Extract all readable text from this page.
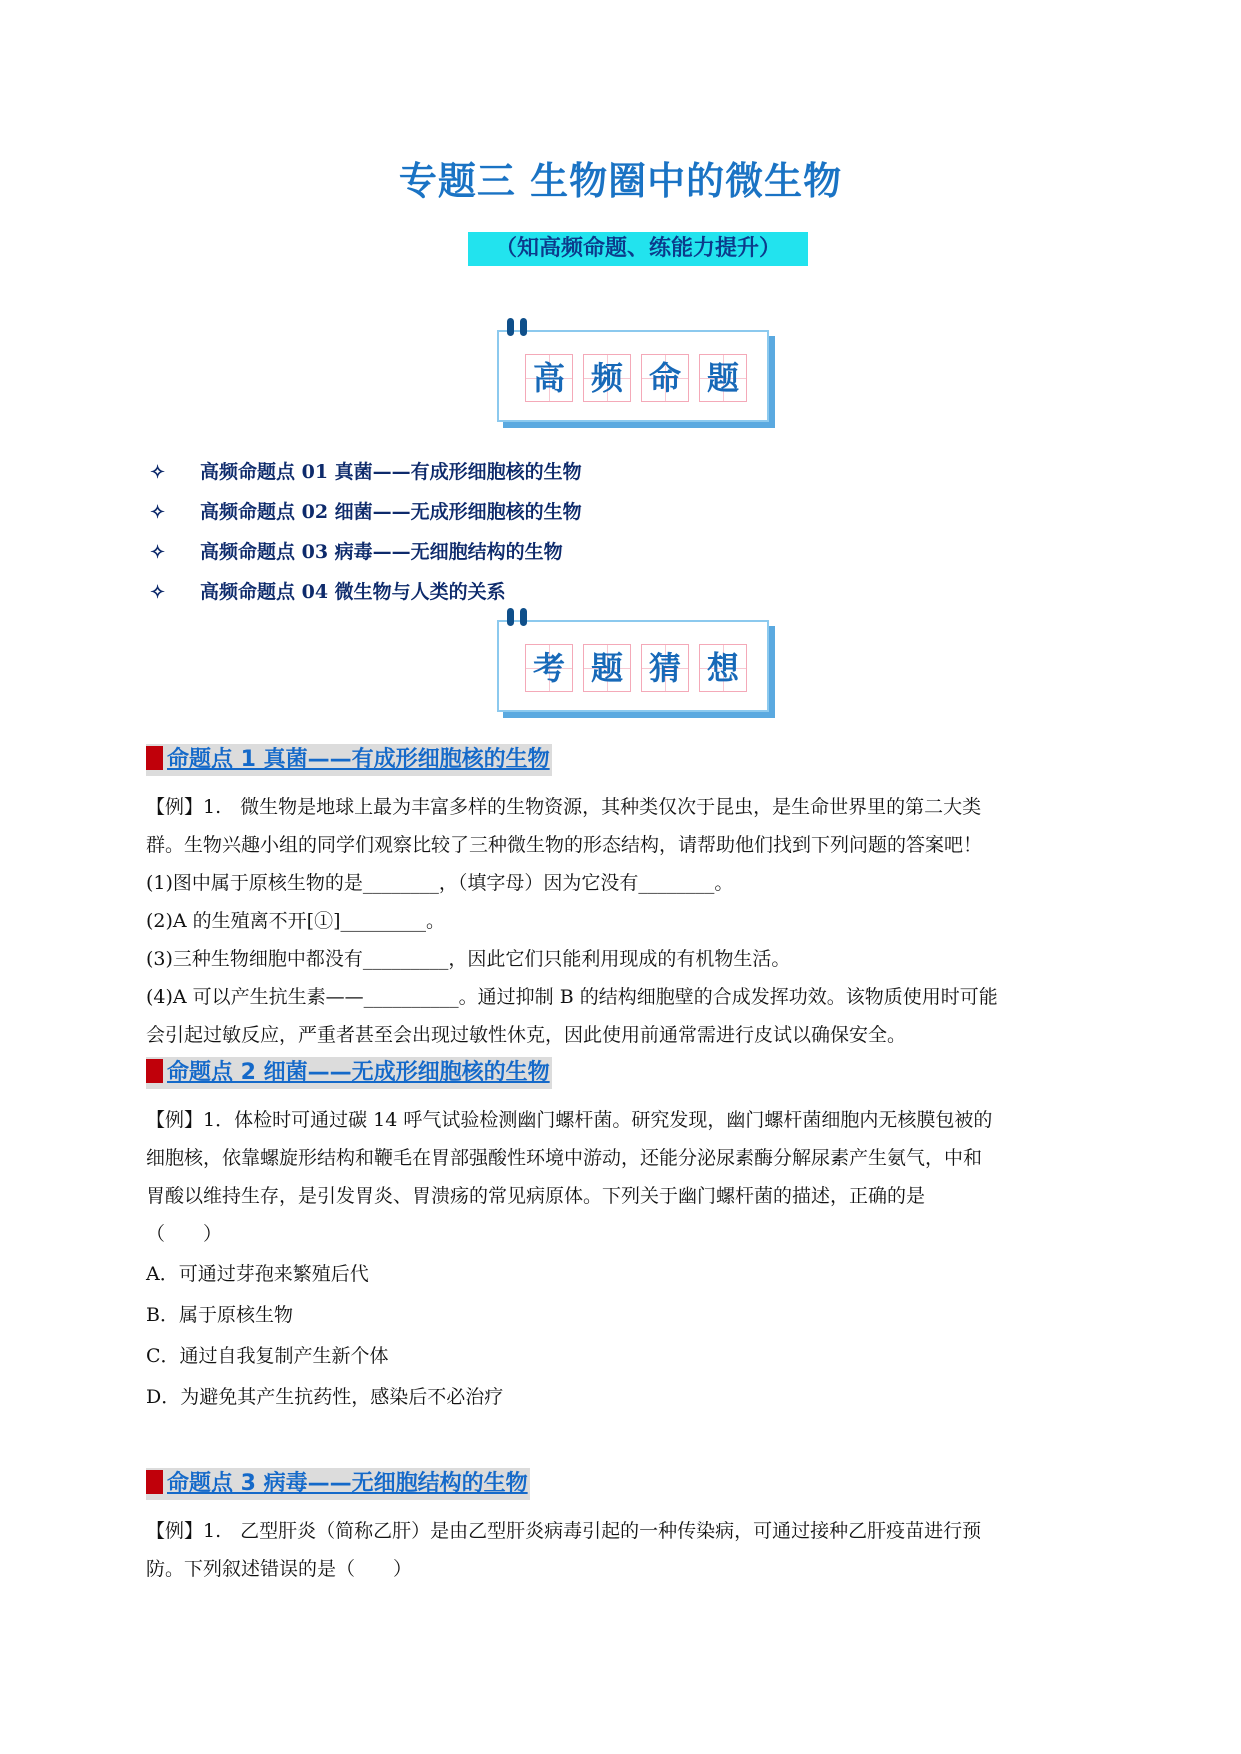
专题三 生物圈中的微生物
（知高频命题、练能力提升）
高 频 命 题
✧ 高频命题点 01 真菌——有成形细胞核的生物
✧ 高频命题点 02 细菌——无成形细胞核的生物
✧ 高频命题点 03 病毒——无细胞结构的生物
✧ 高频命题点 04 微生物与人类的关系
考 题 猜 想
命题点 1 真菌——有成形细胞核的生物

【例】1.　微生物是地球上最为丰富多样的生物资源，其种类仅次于昆虫，是生命世界里的第二大类

群。生物兴趣小组的同学们观察比较了三种微生物的形态结构，请帮助他们找到下列问题的答案吧！

(1)图中属于原核生物的是________，（填字母）因为它没有________。

(2)A 的生殖离不开[①]_________。

(3)三种生物细胞中都没有_________，因此它们只能利用现成的有机物生活。

(4)A 可以产生抗生素——__________。通过抑制 B 的结构细胞壁的合成发挥功效。该物质使用时可能

会引起过敏反应，严重者甚至会出现过敏性休克，因此使用前通常需进行皮试以确保安全。

命题点 2 细菌——无成形细胞核的生物

【例】1．体检时可通过碳 14 呼气试验检测幽门螺杆菌。研究发现，幽门螺杆菌细胞内无核膜包被的

细胞核，依靠螺旋形结构和鞭毛在胃部强酸性环境中游动，还能分泌尿素酶分解尿素产生氨气，中和

胃酸以维持生存，是引发胃炎、胃溃疡的常见病原体。下列关于幽门螺杆菌的描述，正确的是

（　　）

A．可通过芽孢来繁殖后代
B．属于原核生物
C．通过自我复制产生新个体
D．为避免其产生抗药性，感染后不必治疗
命题点 3 病毒——无细胞结构的生物

【例】1.　乙型肝炎（简称乙肝）是由乙型肝炎病毒引起的一种传染病，可通过接种乙肝疫苗进行预

防。下列叙述错误的是（　　）
